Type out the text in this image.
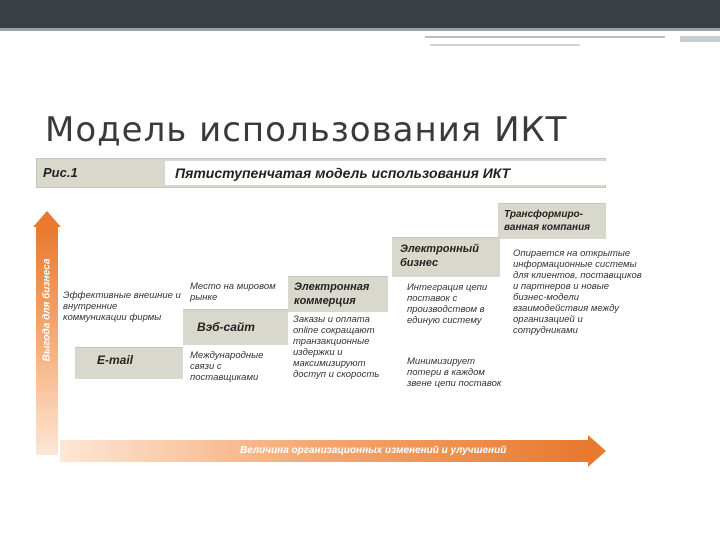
Модель использования ИКТ
Рис.1	Пятиступенчатая модель использования ИКТ
Выгода для бизнеса
Величина организационных изменений и улучшений
E-mail
Вэб-сайт
Электронная коммерция
Электронный бизнес
Трансформиро-ванная компания
Эффективные внешние и внутренние коммуникации фирмы
Место на мировом рынке
Международные связи с поставщиками
Заказы и оплата online сокращают транзакционные издержки и максимизируют доступ и скорость
Интеграция цепи поставок с производством в единую систему
Минимизирует потери в каждом звене цепи поставок
Опирается на открытые информационные системы для клиентов, поставщиков и партнеров и новые бизнес-модели взаимодействия между организацией и сотрудниками
